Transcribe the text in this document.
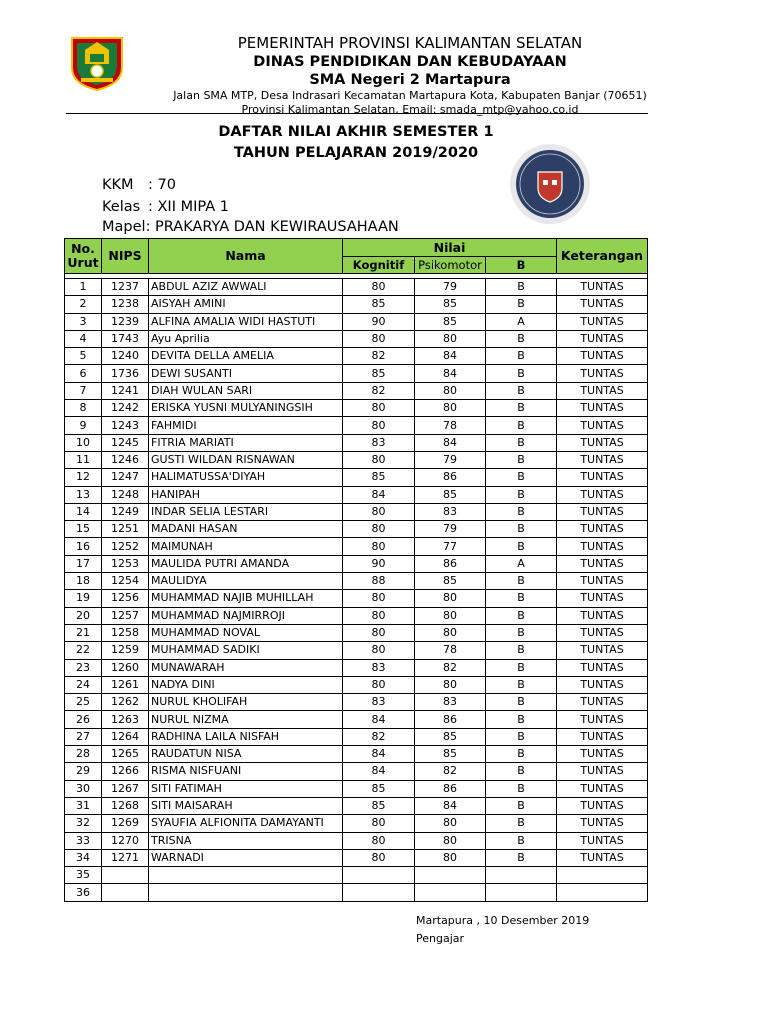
PEMERINTAH PROVINSI KALIMANTAN SELATAN
DINAS PENDIDIKAN DAN KEBUDAYAAN
SMA Negeri 2 Martapura
Jalan SMA MTP, Desa Indrasari Kecamatan Martapura Kota, Kabupaten Banjar (70651)
Provinsi Kalimantan Selatan, Email: smada_mtp@yahoo.co.id
DAFTAR NILAI AKHIR SEMESTER 1
TAHUN PELAJARAN 2019/2020
KKM : 70
Kelas : XII MIPA 1
Mapel: PRAKARYA DAN KEWIRAUSAHAAN
No. Urut	NIPS	Nama	Nilai			Keterangan
			Kognitif	Psikomotor	B	

1	1237	ABDUL AZIZ AWWALI	80	79	B	TUNTAS
2	1238	AISYAH AMINI	85	85	B	TUNTAS
3	1239	ALFINA AMALIA WIDI HASTUTI	90	85	A	TUNTAS
4	1743	Ayu Aprilia	80	80	B	TUNTAS
5	1240	DEVITA DELLA AMELIA	82	84	B	TUNTAS
6	1736	DEWI SUSANTI	85	84	B	TUNTAS
7	1241	DIAH WULAN SARI	82	80	B	TUNTAS
8	1242	ERISKA YUSNI MULYANINGSIH	80	80	B	TUNTAS
9	1243	FAHMIDI	80	78	B	TUNTAS
10	1245	FITRIA MARIATI	83	84	B	TUNTAS
11	1246	GUSTI WILDAN RISNAWAN	80	79	B	TUNTAS
12	1247	HALIMATUSSA'DIYAH	85	86	B	TUNTAS
13	1248	HANIPAH	84	85	B	TUNTAS
14	1249	INDAR SELIA LESTARI	80	83	B	TUNTAS
15	1251	MADANI HASAN	80	79	B	TUNTAS
16	1252	MAIMUNAH	80	77	B	TUNTAS
17	1253	MAULIDA PUTRI AMANDA	90	86	A	TUNTAS
18	1254	MAULIDYA	88	85	B	TUNTAS
19	1256	MUHAMMAD NAJIB MUHILLAH	80	80	B	TUNTAS
20	1257	MUHAMMAD NAJMIRROJI	80	80	B	TUNTAS
21	1258	MUHAMMAD NOVAL	80	80	B	TUNTAS
22	1259	MUHAMMAD SADIKI	80	78	B	TUNTAS
23	1260	MUNAWARAH	83	82	B	TUNTAS
24	1261	NADYA DINI	80	80	B	TUNTAS
25	1262	NURUL KHOLIFAH	83	83	B	TUNTAS
26	1263	NURUL NIZMA	84	86	B	TUNTAS
27	1264	RADHINA LAILA NISFAH	82	85	B	TUNTAS
28	1265	RAUDATUN NISA	84	85	B	TUNTAS
29	1266	RISMA NISFUANI	84	82	B	TUNTAS
30	1267	SITI FATIMAH	85	86	B	TUNTAS
31	1268	SITI MAISARAH	85	84	B	TUNTAS
32	1269	SYAUFIA ALFIONITA DAMAYANTI	80	80	B	TUNTAS
33	1270	TRISNA	80	80	B	TUNTAS
34	1271	WARNADI	80	80	B	TUNTAS
35						
36						
Martapura , 10 Desember 2019
Pengajar
